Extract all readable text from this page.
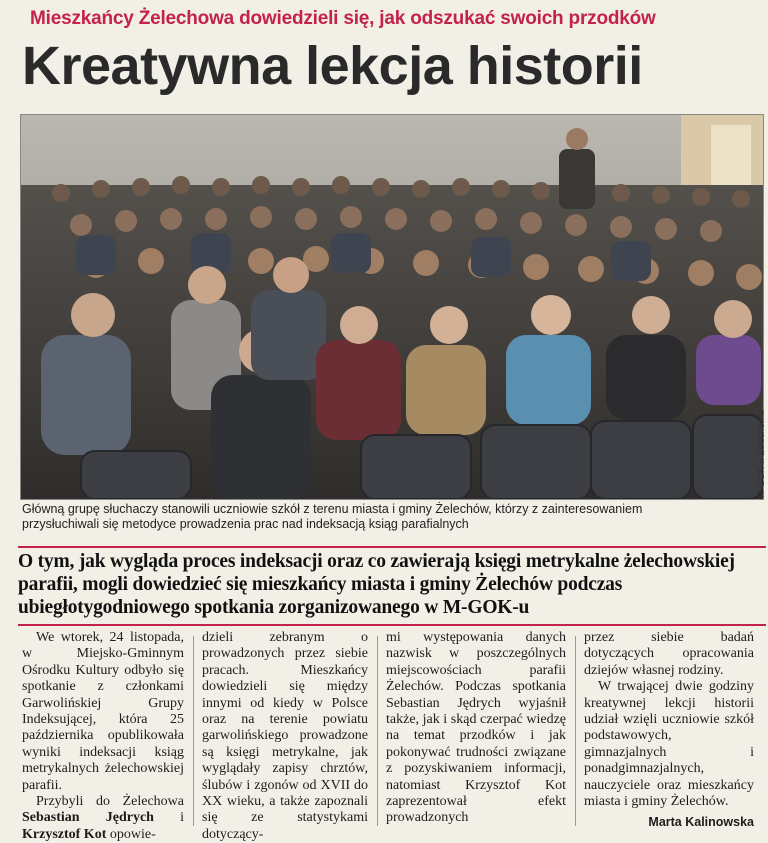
Mieszkańcy Żelechowa dowiedzieli się, jak odszukać swoich przodków
Kreatywna lekcja historii
M-GOK w Żelechowie
Główną grupę słuchaczy stanowili uczniowie szkół z terenu miasta i gminy Żelechów, którzy z zainteresowaniem
przysłuchiwali się metodyce prowadzenia prac nad indeksacją ksiąg parafialnych
O tym, jak wygląda proces indeksacji oraz co zawierają księgi metrykalne żelechowskiej parafii, mogli dowiedzieć się mieszkańcy miasta i gminy Żelechów podczas ubiegłotygodniowego spotkania zorganizowanego w M-GOK-u

We wtorek, 24 listopada, w Miejsko-Gminnym Ośrodku Kultury odbyło się spotkanie z członkami Garwolińskiej Grupy Indeksującej, która 25 października opublikowała wyniki indeksacji ksiąg metrykalnych żelechowskiej parafii.

Przybyli do Żelechowa Sebastian Jędrych i Krzysztof Kot opowie-

dzieli zebranym o prowadzonych przez siebie pracach. Mieszkańcy dowiedzieli się między innymi od kiedy w Polsce oraz na terenie powiatu garwolińskiego prowadzone są księgi metrykalne, jak wyglądały zapisy chrztów, ślubów i zgonów od XVII do XX wieku, a także zapoznali się ze statystykami dotyczący-

mi występowania danych nazwisk w poszczególnych miejscowościach parafii Żelechów. Podczas spotkania Sebastian Jędrych wyjaśnił także, jak i skąd czerpać wiedzę na temat przodków i jak pokonywać trudności związane z pozyskiwaniem informacji, natomiast Krzysztof Kot zaprezentował efekt prowadzonych

przez siebie badań dotyczących opracowania dziejów własnej rodziny.

W trwającej dwie godziny kreatywnej lekcji historii udział wzięli uczniowie szkół podstawowych, gimnazjalnych i ponadgimnazjalnych, nauczyciele oraz mieszkańcy miasta i gminy Żelechów.

Marta Kalinowska
